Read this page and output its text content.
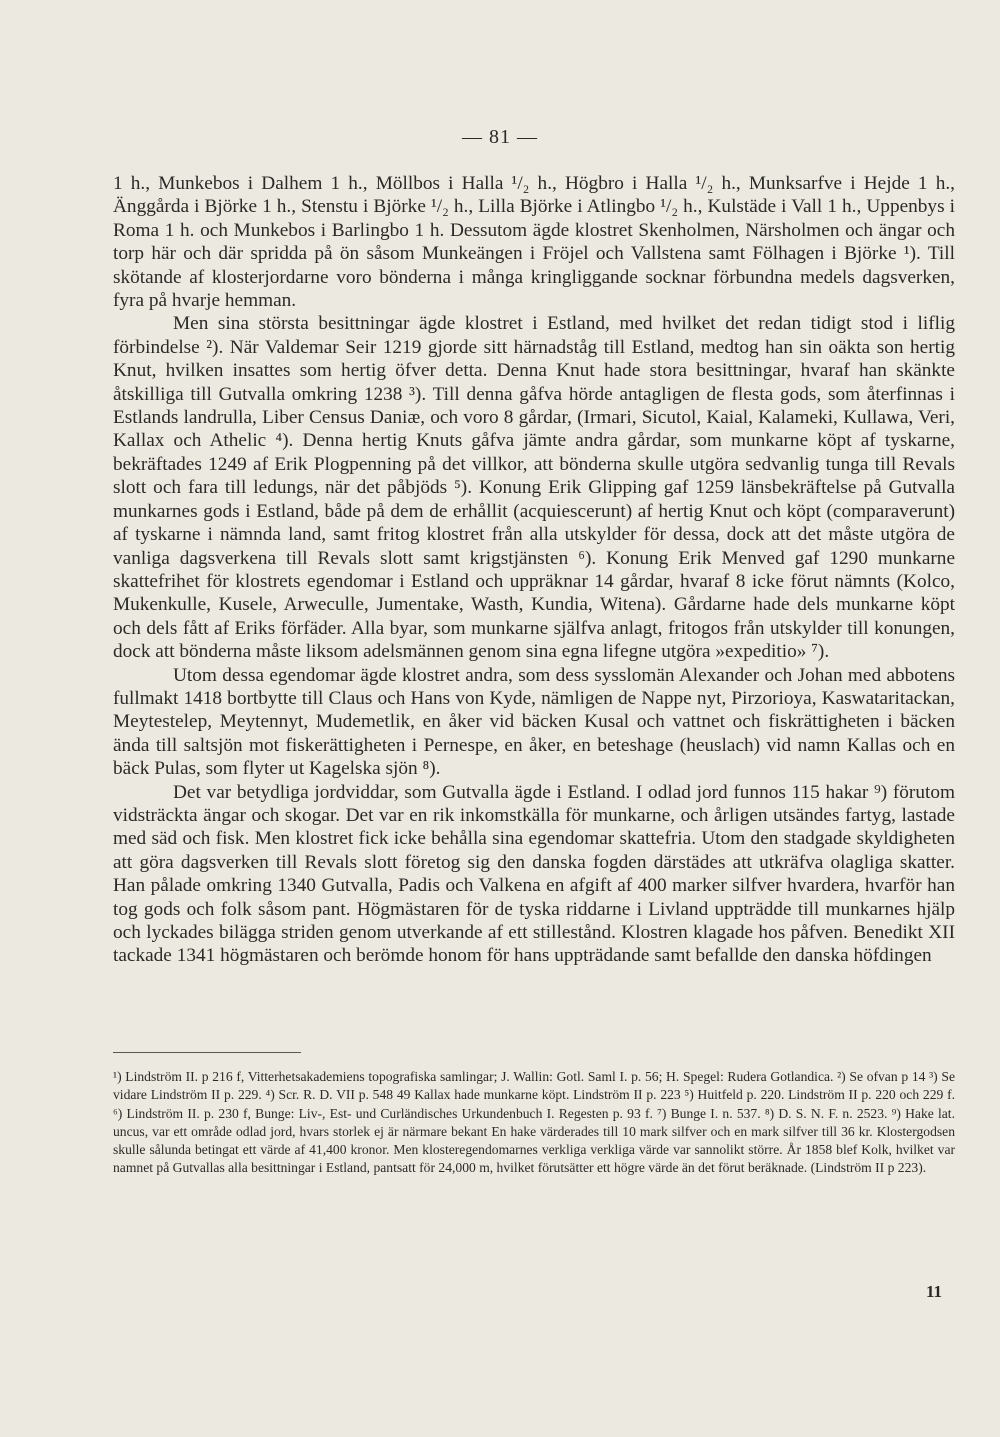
— 81 —

1 h., Munkebos i Dalhem 1 h., Möllbos i Halla ¹/₂ h., Högbro i Halla ¹/₂ h., Munksarfve i Hejde 1 h., Änggårda i Björke 1 h., Stenstu i Björke ¹/₂ h., Lilla Björke i Atlingbo ¹/₂ h., Kulstäde i Vall 1 h., Uppenbys i Roma 1 h. och Munkebos i Barlingbo 1 h. Dessutom ägde klostret Skenholmen, Närsholmen och ängar och torp här och där spridda på ön såsom Munkeängen i Fröjel och Vallstena samt Fölhagen i Björke ¹). Till skötande af klosterjordarne voro bönderna i många kringliggande socknar förbundna medels dagsverken, fyra på hvarje hemman.

Men sina största besittningar ägde klostret i Estland, med hvilket det redan tidigt stod i liflig förbindelse ²). När Valdemar Seir 1219 gjorde sitt härnadståg till Estland, medtog han sin oäkta son hertig Knut, hvilken insattes som hertig öfver detta. Denna Knut hade stora besittningar, hvaraf han skänkte åtskilliga till Gutvalla omkring 1238 ³). Till denna gåfva hörde antagligen de flesta gods, som återfinnas i Estlands landrulla, Liber Census Daniæ, och voro 8 gårdar, (Irmari, Sicutol, Kaial, Kalameki, Kullawa, Veri, Kallax och Athelic ⁴). Denna hertig Knuts gåfva jämte andra gårdar, som munkarne köpt af tyskarne, bekräftades 1249 af Erik Plogpenning på det villkor, att bönderna skulle utgöra sedvanlig tunga till Revals slott och fara till ledungs, när det påbjöds ⁵). Konung Erik Glipping gaf 1259 länsbekräftelse på Gutvalla munkarnes gods i Estland, både på dem de erhållit (acquiescerunt) af hertig Knut och köpt (comparaverunt) af tyskarne i nämnda land, samt fritog klostret från alla utskylder för dessa, dock att det måste utgöra de vanliga dagsverkena till Revals slott samt krigstjänsten ⁶). Konung Erik Menved gaf 1290 munkarne skattefrihet för klostrets egendomar i Estland och uppräknar 14 gårdar, hvaraf 8 icke förut nämnts (Kolco, Mukenkulle, Kusele, Arweculle, Jumentake, Wasth, Kundia, Witena). Gårdarne hade dels munkarne köpt och dels fått af Eriks förfäder. Alla byar, som munkarne själfva anlagt, fritogos från utskylder till konungen, dock att bönderna måste liksom adelsmännen genom sina egna lifegne utgöra »expeditio» ⁷).

Utom dessa egendomar ägde klostret andra, som dess sysslomän Alexander och Johan med abbotens fullmakt 1418 bortbytte till Claus och Hans von Kyde, nämligen de Nappe nyt, Pirzorioya, Kaswataritackan, Meytestelep, Meytennyt, Mudemetlik, en åker vid bäcken Kusal och vattnet och fiskrättigheten i bäcken ända till saltsjön mot fiskerättigheten i Pernespe, en åker, en beteshage (heuslach) vid namn Kallas och en bäck Pulas, som flyter ut Kagelska sjön ⁸).

Det var betydliga jordviddar, som Gutvalla ägde i Estland. I odlad jord funnos 115 hakar ⁹) förutom vidsträckta ängar och skogar. Det var en rik inkomstkälla för munkarne, och årligen utsändes fartyg, lastade med säd och fisk. Men klostret fick icke behålla sina egendomar skattefria. Utom den stadgade skyldigheten att göra dagsverken till Revals slott företog sig den danska fogden därstädes att utkräfva olagliga skatter. Han pålade omkring 1340 Gutvalla, Padis och Valkena en afgift af 400 marker silfver hvardera, hvarför han tog gods och folk såsom pant. Högmästaren för de tyska riddarne i Livland uppträdde till munkarnes hjälp och lyckades bilägga striden genom utverkande af ett stillestånd. Klostren klagade hos påfven. Benedikt XII tackade 1341 högmästaren och berömde honom för hans uppträdande samt befallde den danska höfdingen

¹) Lindström II. p 216 f, Vitterhetsakademiens topografiska samlingar; J. Wallin: Gotl. Saml I. p. 56; H. Spegel: Rudera Gotlandica. ²) Se ofvan p 14 ³) Se vidare Lindström II p. 229. ⁴) Scr. R. D. VII p. 548 49 Kallax hade munkarne köpt. Lindström II p. 223 ⁵) Huitfeld p. 220. Lindström II p. 220 och 229 f. ⁶) Lindström II. p. 230 f, Bunge: Liv-, Est- und Curländisches Urkundenbuch I. Regesten p. 93 f. ⁷) Bunge I. n. 537. ⁸) D. S. N. F. n. 2523. ⁹) Hake lat. uncus, var ett område odlad jord, hvars storlek ej är närmare bekant En hake värderades till 10 mark silfver och en mark silfver till 36 kr. Klostergodsen skulle sålunda betingat ett värde af 41,400 kronor. Men klosteregendomarnes verkliga verkliga värde var sannolikt större. År 1858 blef Kolk, hvilket var namnet på Gutvallas alla besittningar i Estland, pantsatt för 24,000 m, hvilket förutsätter ett högre värde än det förut beräknade. (Lindström II p 223).
11
